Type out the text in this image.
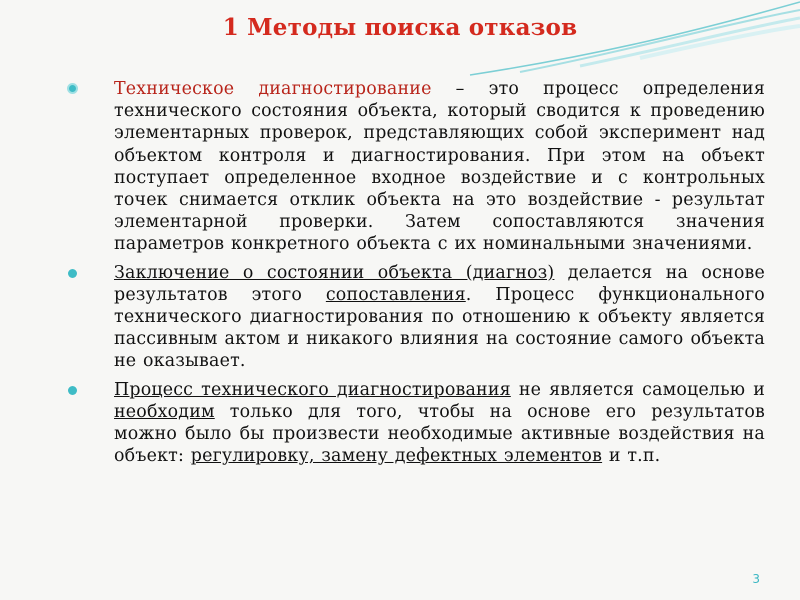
1 Методы поиска отказов
Техническое диагностирование – это процесс определения технического состояния объекта, который сводится к проведению элементарных проверок, представляющих собой эксперимент над объектом контроля и диагностирования. При этом на объект поступает определенное входное воздействие и с контрольных точек снимается отклик объекта на это воздействие - результат элементарной проверки. Затем сопоставляются значения параметров конкретного объекта с их номинальными значениями.
Заключение о состоянии объекта (диагноз) делается на основе результатов этого сопоставления. Процесс функционального технического диагностирования по отношению к объекту является пассивным актом и никакого влияния на состояние самого объекта не оказывает.
Процесс технического диагностирования не является самоцелью и необходим только для того, чтобы на основе его результатов можно было бы произвести необходимые активные воздействия на объект: регулировку, замену дефектных элементов и т.п.
3
